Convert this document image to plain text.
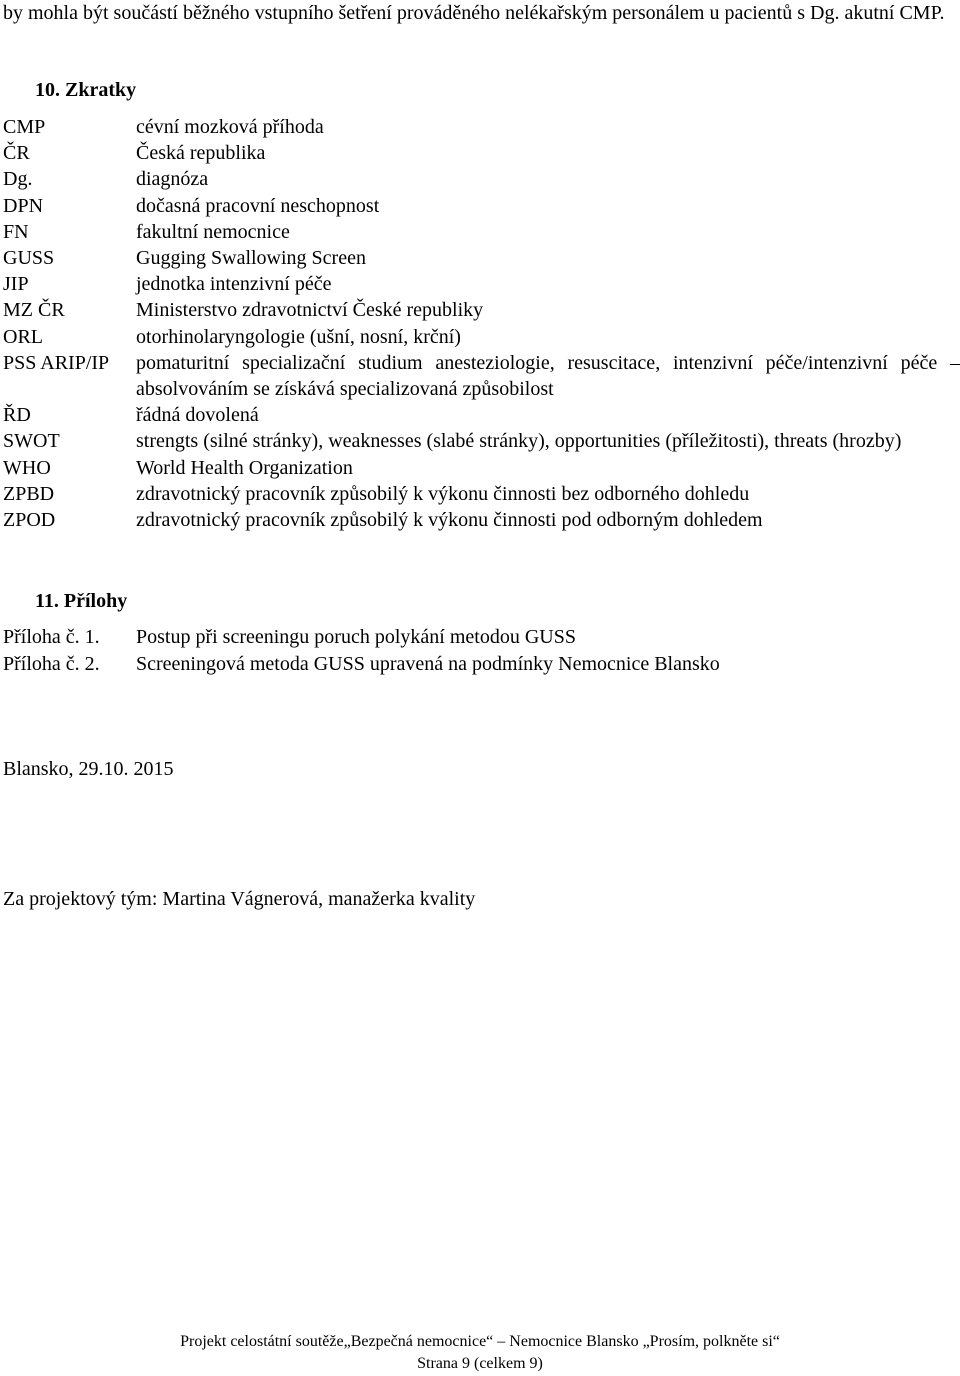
by mohla být součástí běžného vstupního šetření prováděného nelékařským personálem u pacientů s Dg. akutní CMP.
10. Zkratky
CMP	cévní mozková příhoda
ČR	Česká republika
Dg.	diagnóza
DPN	dočasná pracovní neschopnost
FN	fakultní nemocnice
GUSS	Gugging Swallowing Screen
JIP	jednotka intenzivní péče
MZ ČR	Ministerstvo zdravotnictví České republiky
ORL	otorhinolaryngologie (ušní, nosní, krční)
PSS ARIP/IP	pomaturitní specializační studium anesteziologie, resuscitace, intenzivní péče/intenzivní péče – absolvováním se získává specializovaná způsobilost
ŘD	řádná dovolená
SWOT	strengts (silné stránky), weaknesses (slabé stránky), opportunities (příležitosti), threats (hrozby)
WHO	World Health Organization
ZPBD	zdravotnický pracovník způsobilý k výkonu činnosti bez odborného dohledu
ZPOD	zdravotnický pracovník způsobilý k výkonu činnosti pod odborným dohledem
11. Přílohy
Příloha č. 1.	Postup při screeningu poruch polykání metodou GUSS
Příloha č. 2.	Screeningová metoda GUSS upravená na podmínky Nemocnice Blansko
Blansko, 29.10. 2015
Za projektový tým: Martina Vágnerová, manažerka kvality
Projekt celostátní soutěže„Bezpečná nemocnice“ – Nemocnice Blansko „Prosím, polkněte si“
Strana 9 (celkem 9)
